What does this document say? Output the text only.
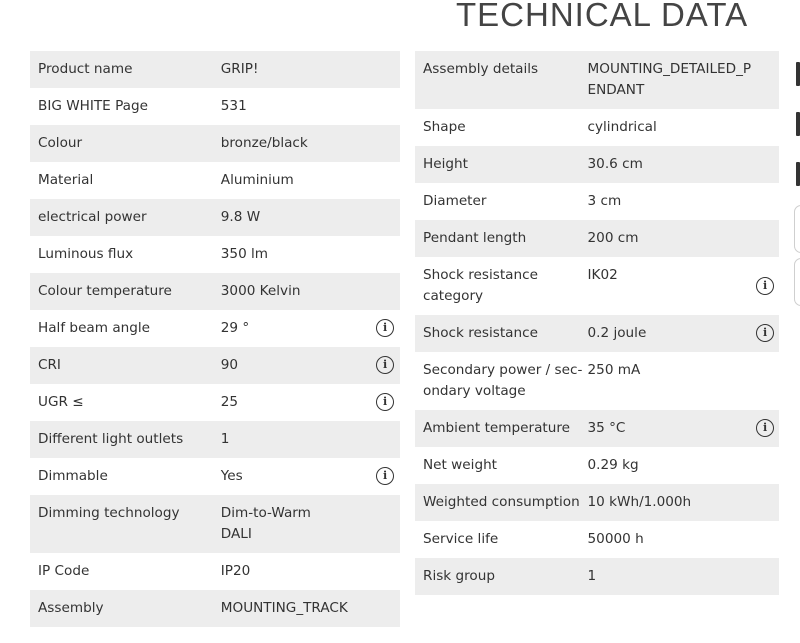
TECHNICAL DATA
Product name	GRIP!	
BIG WHITE Page	531	
Colour	bronze/black	
Material	Aluminium	
electrical power	9.8 W	
Luminous flux	350 lm	
Colour temperature	3000 Kelvin	
Half beam angle	29 °	i
CRI	90	i
UGR ≤	25	i
Different light outlets	1	
Dimmable	Yes	i
Dimming technology	Dim-to-Warm
DALI	
IP Code	IP20	
Assembly	MOUNTING_TRACK	
Assembly details	MOUNTING_DETAILED_P
ENDANT	
Shape	cylindrical	
Height	30.6 cm	
Diameter	3 cm	
Pendant length	200 cm	
Shock resistance category	IK02	i
Shock resistance	0.2 joule	i
Secondary power / sec-
ondary voltage	250 mA	
Ambient temperature	35 °C	i
Net weight	0.29 kg	
Weighted consumption	10 kWh/1.000h	
Service life	50000 h	
Risk group	1	
